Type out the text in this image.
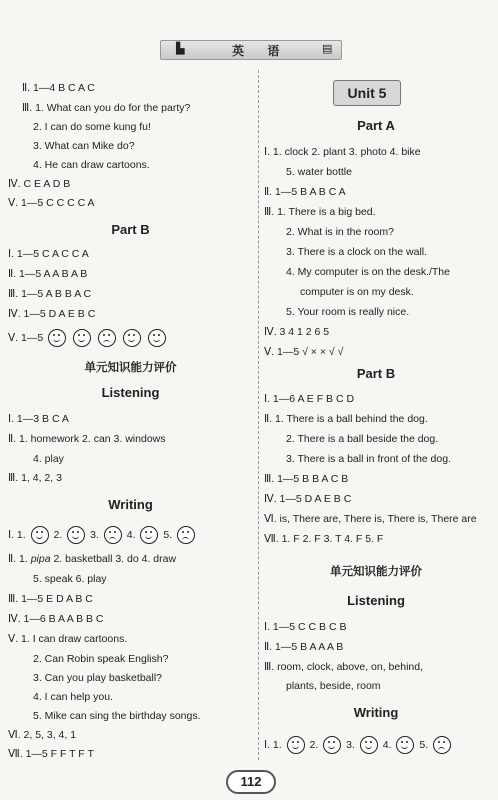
▙	▤
英 语
Ⅱ. 1—4 B C A C
Ⅲ. 1. What can you do for the party?
2. I can do some kung fu!
3. What can Mike do?
4. He can draw cartoons.
Ⅳ. C E A D B
Ⅴ. 1—5 C C C C A
Part B
Ⅰ. 1—5 C A C C A
Ⅱ. 1—5 A A B A B
Ⅲ. 1—5 A B B A C
Ⅳ. 1—5 D A E B C
Ⅴ. 1—5
单元知识能力评价
Listening
Ⅰ. 1—3 B C A
Ⅱ. 1. homework 2. can 3. windows
4. play
Ⅲ. 1, 4, 2, 3
Writing
Ⅰ. 1.	2.	3.	4.	5.
Ⅱ. 1. pipa 2. basketball 3. do 4. draw
5. speak 6. play
Ⅲ. 1—5 E D A B C
Ⅳ. 1—6 B A A B B C
Ⅴ. 1. I can draw cartoons.
2. Can Robin speak English?
3. Can you play basketball?
4. I can help you.
5. Mike can sing the birthday songs.
Ⅵ. 2, 5, 3, 4, 1
Ⅶ. 1—5 F F T F T
Unit 5
Part A
Ⅰ. 1. clock 2. plant 3. photo 4. bike
5. water bottle
Ⅱ. 1—5 B A B C A
Ⅲ. 1. There is a big bed.
2. What is in the room?
3. There is a clock on the wall.
4. My computer is on the desk./The
computer is on my desk.
5. Your room is really nice.
Ⅳ. 3 4 1 2 6 5
Ⅴ. 1—5 √ × × √ √
Part B
Ⅰ. 1—6 A E F B C D
Ⅱ. 1. There is a ball behind the dog.
2. There is a ball beside the dog.
3. There is a ball in front of the dog.
Ⅲ. 1—5 B B A C B
Ⅳ. 1—5 D A E B C
Ⅵ. is, There are, There is, There is, There are
Ⅶ. 1. F 2. F 3. T 4. F 5. F
单元知识能力评价
Listening
Ⅰ. 1—5 C C B C B
Ⅱ. 1—5 B A A A B
Ⅲ. room, clock, above, on, behind,
plants, beside, room
Writing
Ⅰ. 1.	2.	3.	4.	5.
112
